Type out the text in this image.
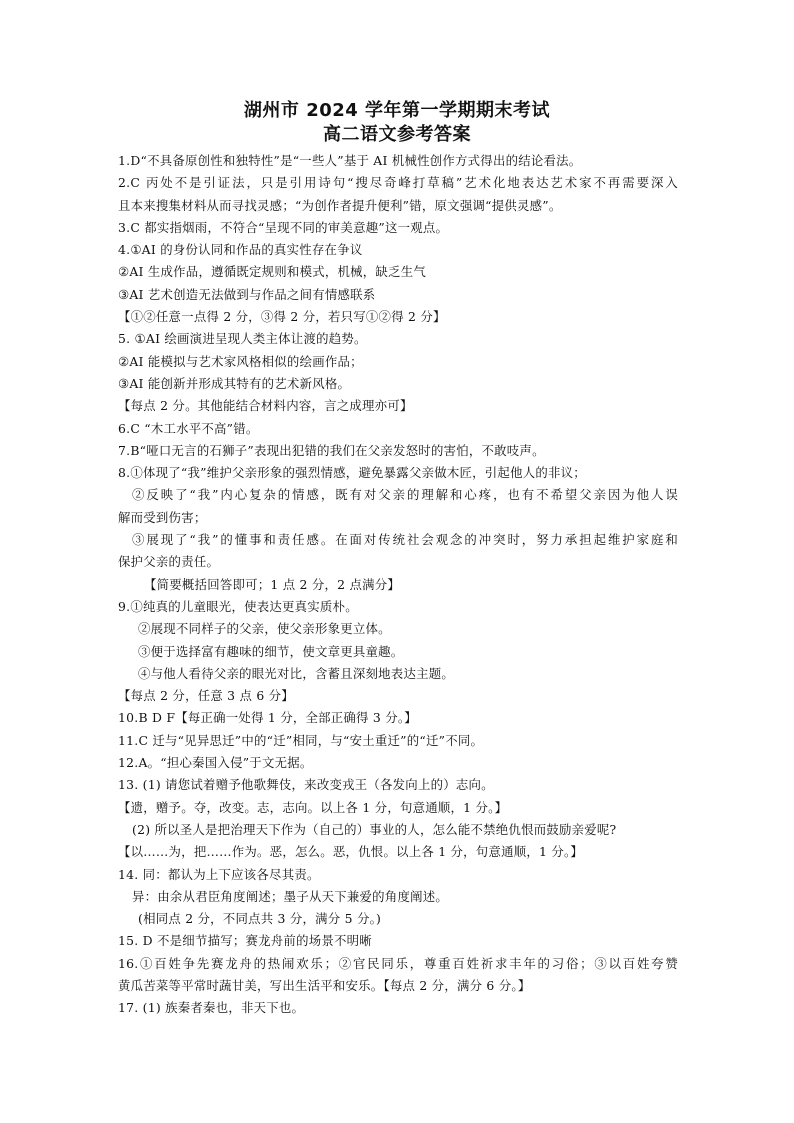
湖州市 2024 学年第一学期期末考试
高二语文参考答案
1.D“不具备原创性和独特性”是“一些人”基于 AI 机械性创作方式得出的结论看法。
2.C 丙处不是引证法，只是引用诗句“搜尽奇峰打草稿”艺术化地表达艺术家不再需要深入
且本来搜集材料从而寻找灵感；“为创作者提升便利”错，原文强调“提供灵感”。
3.C 都实指烟雨，不符合“呈现不同的审美意趣”这一观点。
4.①AI 的身份认同和作品的真实性存在争议
②AI 生成作品，遵循既定规则和模式，机械，缺乏生气
③AI 艺术创造无法做到与作品之间有情感联系
【①②任意一点得 2 分，③得 2 分，若只写①②得 2 分】
5. ①AI 绘画演进呈现人类主体让渡的趋势。
②AI 能模拟与艺术家风格相似的绘画作品；
③AI 能创新并形成其特有的艺术新风格。
【每点 2 分。其他能结合材料内容，言之成理亦可】
6.C “木工水平不高”错。
7.B“哑口无言的石狮子”表现出犯错的我们在父亲发怒时的害怕，不敢吱声。
8.①体现了“我”维护父亲形象的强烈情感，避免暴露父亲做木匠，引起他人的非议；
②反映了“我”内心复杂的情感，既有对父亲的理解和心疼，也有不希望父亲因为他人误
解而受到伤害；
③展现了“我”的懂事和责任感。在面对传统社会观念的冲突时，努力承担起维护家庭和
保护父亲的责任。
【简要概括回答即可；1 点 2 分，2 点满分】
9.①纯真的儿童眼光，使表达更真实质朴。
②展现不同样子的父亲，使父亲形象更立体。
③便于选择富有趣味的细节，使文章更具童趣。
④与他人看待父亲的眼光对比，含蓄且深刻地表达主题。
【每点 2 分，任意 3 点 6 分】
10.B D F【每正确一处得 1 分，全部正确得 3 分。】
11.C 迁与“见异思迁”中的“迁”相同，与“安土重迁”的“迁”不同。
12.A。“担心秦国入侵”于文无据。
13. (1) 请您试着赠予他歌舞伎，来改变戎王（各发向上的）志向。
【遗，赠予。夺，改变。志，志向。以上各 1 分，句意通顺，1 分。】
(2) 所以圣人是把治理天下作为（自己的）事业的人，怎么能不禁绝仇恨而鼓励亲爱呢?
【以……为，把……作为。恶，怎么。恶，仇恨。以上各 1 分，句意通顺，1 分。】
14. 同：都认为上下应该各尽其责。
异：由余从君臣角度阐述；墨子从天下兼爱的角度阐述。
(相同点 2 分，不同点共 3 分，满分 5 分。)
15. D 不是细节描写；赛龙舟前的场景不明晰
16.①百姓争先赛龙舟的热闹欢乐；②官民同乐，尊重百姓祈求丰年的习俗；③以百姓夸赞
黄瓜苦菜等平常时蔬甘美，写出生活平和安乐。【每点 2 分，满分 6 分。】
17. (1) 族秦者秦也，非天下也。
